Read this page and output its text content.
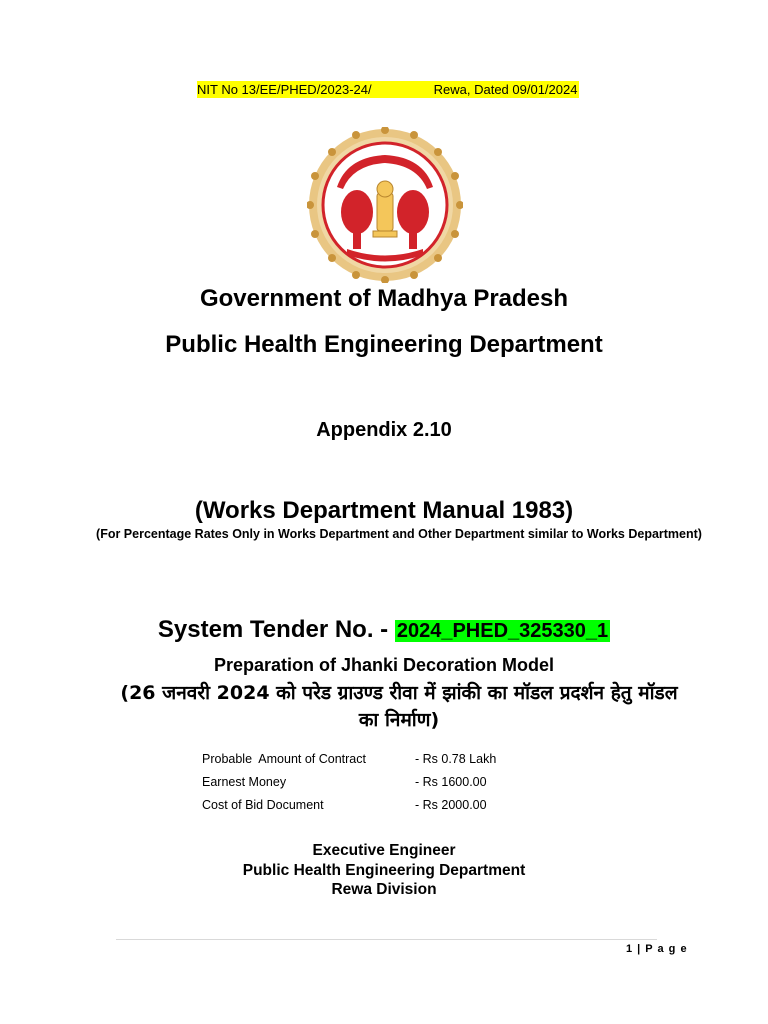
NIT No 13/EE/PHED/2023-24/	Rewa, Dated 09/01/2024
Government of Madhya Pradesh
Public Health Engineering Department
Appendix 2.10
(Works Department Manual 1983)
(For Percentage Rates Only in Works Department and Other Department similar to Works Department)
System Tender No. - 2024_PHED_325330_1
Preparation of Jhanki Decoration Model
(26 जनवरी 2024 को परेड ग्राउण्ड रीवा में झांकी का मॉडल प्रदर्शन हेतु मॉडल का निर्माण)
Probable  Amount of Contract	- Rs 0.78 Lakh
Earnest Money	- Rs 1600.00
Cost of Bid Document	- Rs 2000.00
Executive Engineer
Public Health Engineering Department
Rewa Division
1 | P a g e
